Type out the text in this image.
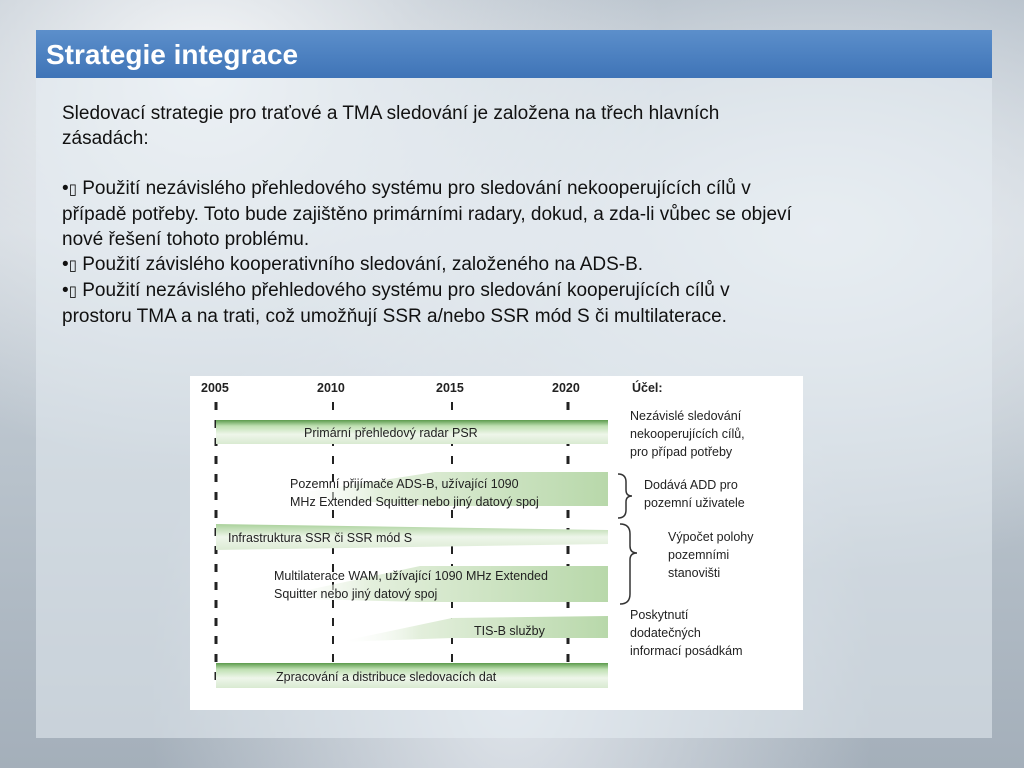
Strategie integrace

Sledovací strategie pro traťové a TMA sledování je založena na třech hlavních
zásadách:

•▯ Použití nezávislého přehledového systému pro sledování nekooperujících cílů v
případě potřeby. Toto bude zajištěno primárními radary, dokud, a zda-li vůbec se objeví
nové řešení tohoto problému.

•▯ Použití závislého kooperativního sledování, založeného na ADS-B.

•▯ Použití nezávislého přehledového systému pro sledování kooperujících cílů v
prostoru TMA a na trati, což umožňují SSR a/nebo SSR mód S či multilaterace.

2005	2010	2015	2020	Účel:
Primární přehledový radar PSR
Pozemní přijímače ADS-B, užívající 1090
MHz Extended Squitter nebo jiný datový spoj
Infrastruktura SSR či SSR mód S
Multilaterace WAM, užívající 1090 MHz Extended
Squitter nebo jiný datový spoj
TIS-B služby
Zpracování a distribuce sledovacích dat
Nezávislé sledování
nekooperujících cílů,
pro případ potřeby
Dodává ADD pro
pozemní uživatele
Výpočet polohy
pozemními
stanovišti
Poskytnutí
dodatečných
informací posádkám
